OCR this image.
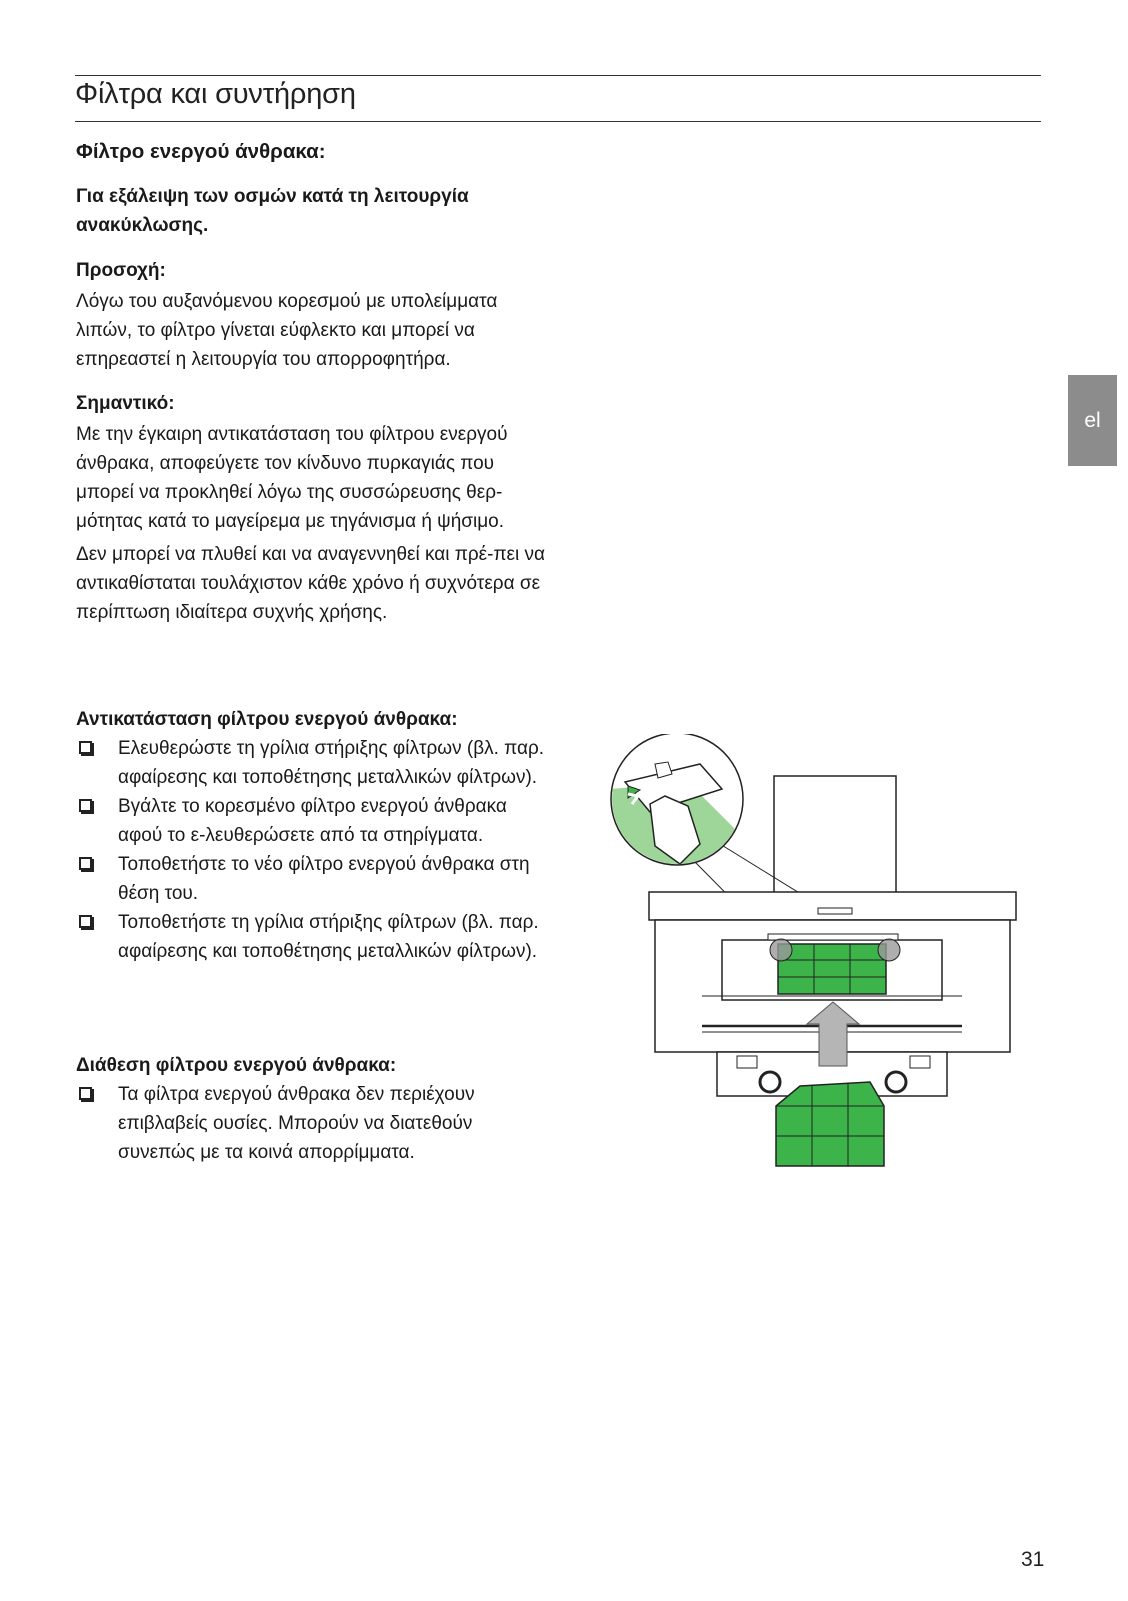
Φίλτρα και συντήρηση
el
Φίλτρο ενεργού άνθρακα:

Για εξάλειψη των οσμών κατά τη λειτουργία ανακύκλωσης.

Προσοχή:

Λόγω του αυξανόμενου κορεσμού με υπολείμματα λιπών, το φίλτρο γίνεται εύφλεκτο και μπορεί να επηρεαστεί η λειτουργία του απορροφητήρα.

Σημαντικό:

Με την έγκαιρη αντικατάσταση του φίλτρου ενεργού άνθρακα, αποφεύγετε τον κίνδυνο πυρκαγιάς που μπορεί να προκληθεί λόγω της συσσώρευσης θερ-μότητας κατά το μαγείρεμα με τηγάνισμα ή ψήσιμο.

Δεν μπορεί να πλυθεί και να αναγεννηθεί και πρέ-πει να αντικαθίσταται τουλάχιστον κάθε χρόνο ή συχνότερα σε περίπτωση ιδιαίτερα συχνής χρήσης.

Αντικατάσταση φίλτρου ενεργού άνθρακα:

Ελευθερώστε τη γρίλια στήριξης φίλτρων (βλ. παρ. αφαίρεσης και τοποθέτησης μεταλλικών φίλτρων).
Βγάλτε το κορεσμένο φίλτρο ενεργού άνθρακα αφού το ε-λευθερώσετε από τα στηρίγματα.
Τοποθετήστε το νέο φίλτρο ενεργού άνθρακα στη θέση του.
Τοποθετήστε τη γρίλια στήριξης φίλτρων (βλ. παρ. αφαίρεσης και τοποθέτησης μεταλλικών φίλτρων).

Διάθεση φίλτρου ενεργού άνθρακα:

Τα φίλτρα ενεργού άνθρακα δεν περιέχουν επιβλαβείς ουσίες. Μπορούν να διατεθούν συνεπώς με τα κοινά απορρίμματα.
31
